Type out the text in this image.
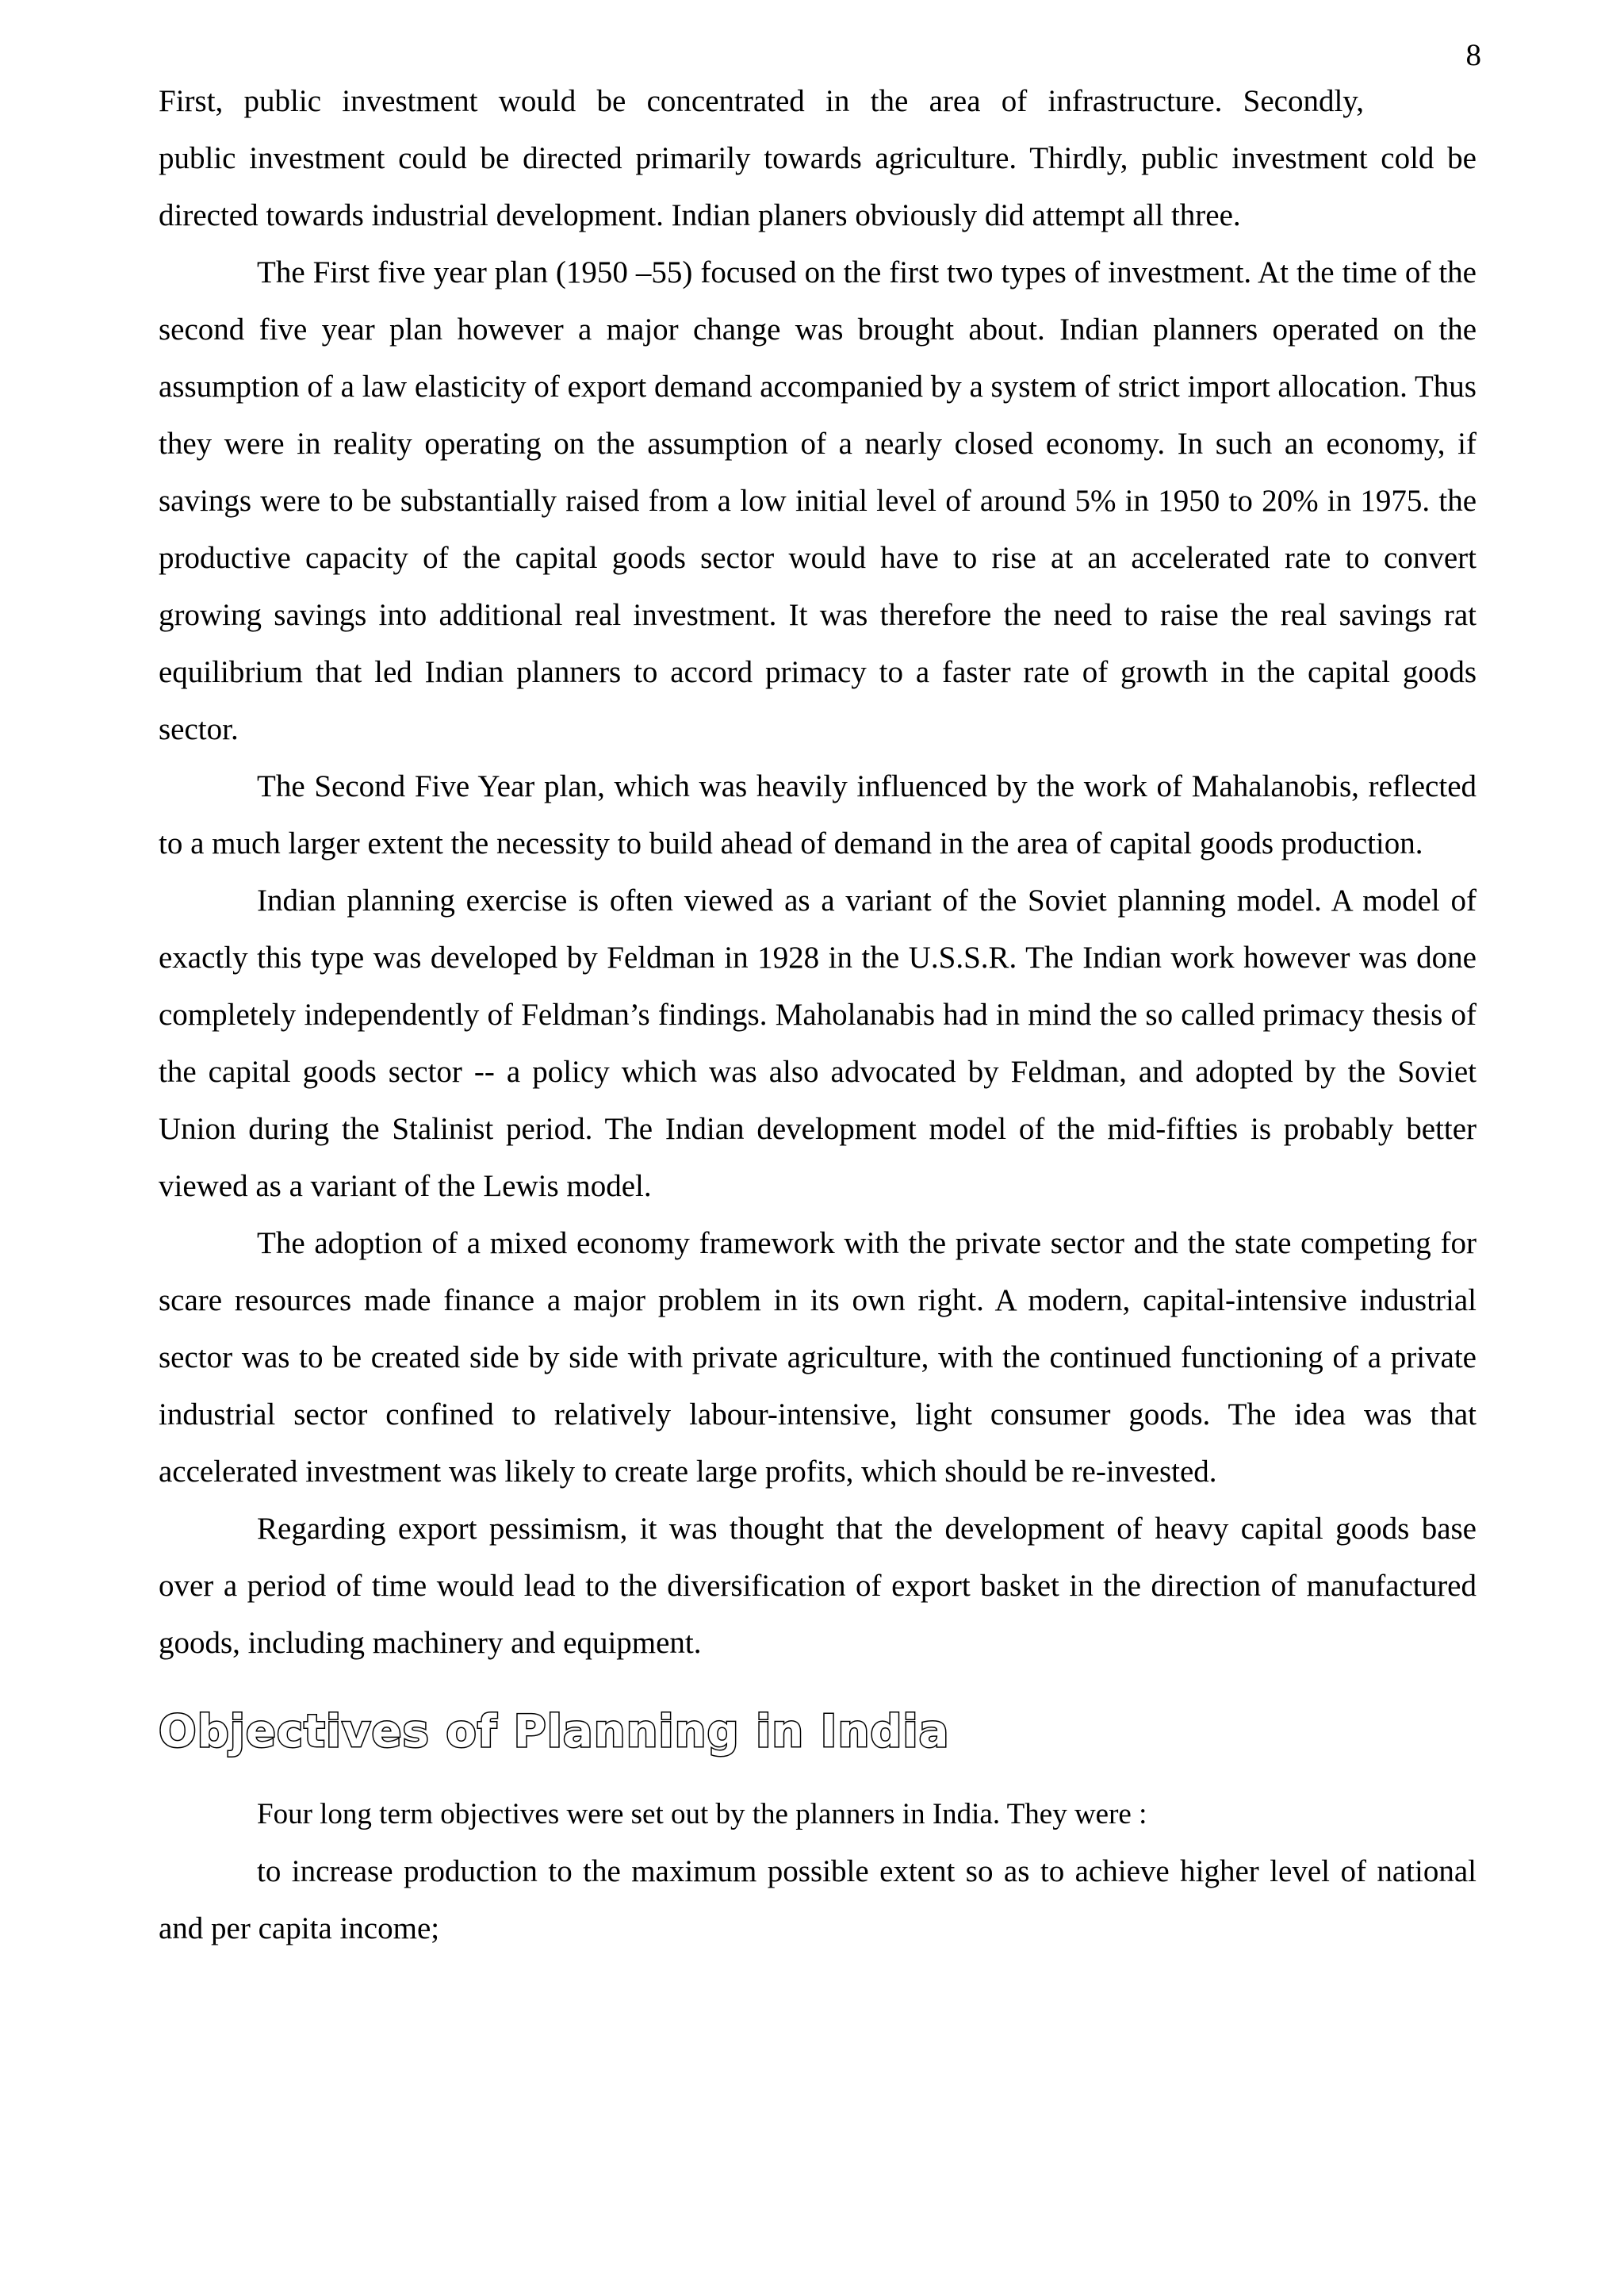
8

First, public investment would be concentrated in the area of infrastructure. Secondly,
public investment could be directed primarily towards agriculture. Thirdly, public investment cold be directed towards industrial development. Indian planers obviously did attempt all three.

The First five year plan (1950 –55) focused on the first two types of investment. At the time of the second five year plan however a major change was brought about. Indian planners operated on the assumption of a law elasticity of export demand accompanied by a system of strict import allocation. Thus they were in reality operating on the assumption of a nearly closed economy. In such an economy, if savings were to be substantially raised from a low initial level of around 5% in 1950 to 20% in 1975. the productive capacity of the capital goods sector would have to rise at an accelerated rate to convert growing savings into additional real investment. It was therefore the need to raise the real savings rat equilibrium that led Indian planners to accord primacy to a faster rate of growth in the capital goods sector.

The Second Five Year plan, which was heavily influenced by the work of Mahalanobis, reflected to a much larger extent the necessity to build ahead of demand in the area of capital goods production.

Indian planning exercise is often viewed as a variant of the Soviet planning model. A model of exactly this type was developed by Feldman in 1928 in the U.S.S.R. The Indian work however was done completely independently of Feldman’s findings. Maholanabis had in mind the so called primacy thesis of the capital goods sector -- a policy which was also advocated by Feldman, and adopted by the Soviet Union during the Stalinist period. The Indian development model of the mid-fifties is probably better viewed as a variant of the Lewis model.

The adoption of a mixed economy framework with the private sector and the state competing for scare resources made finance a major problem in its own right. A modern, capital-intensive industrial sector was to be created side by side with private agriculture, with the continued functioning of a private industrial sector confined to relatively labour-intensive, light consumer goods. The idea was that accelerated investment was likely to create large profits, which should be re-invested.

Regarding export pessimism, it was thought that the development of heavy capital goods base over a period of time would lead to the diversification of export basket in the direction of manufactured goods, including machinery and equipment.

Objectives of Planning in India

Four long term objectives were set out by the planners in India. They were :

to increase production to the maximum possible extent so as to achieve higher level of national and per capita income;
